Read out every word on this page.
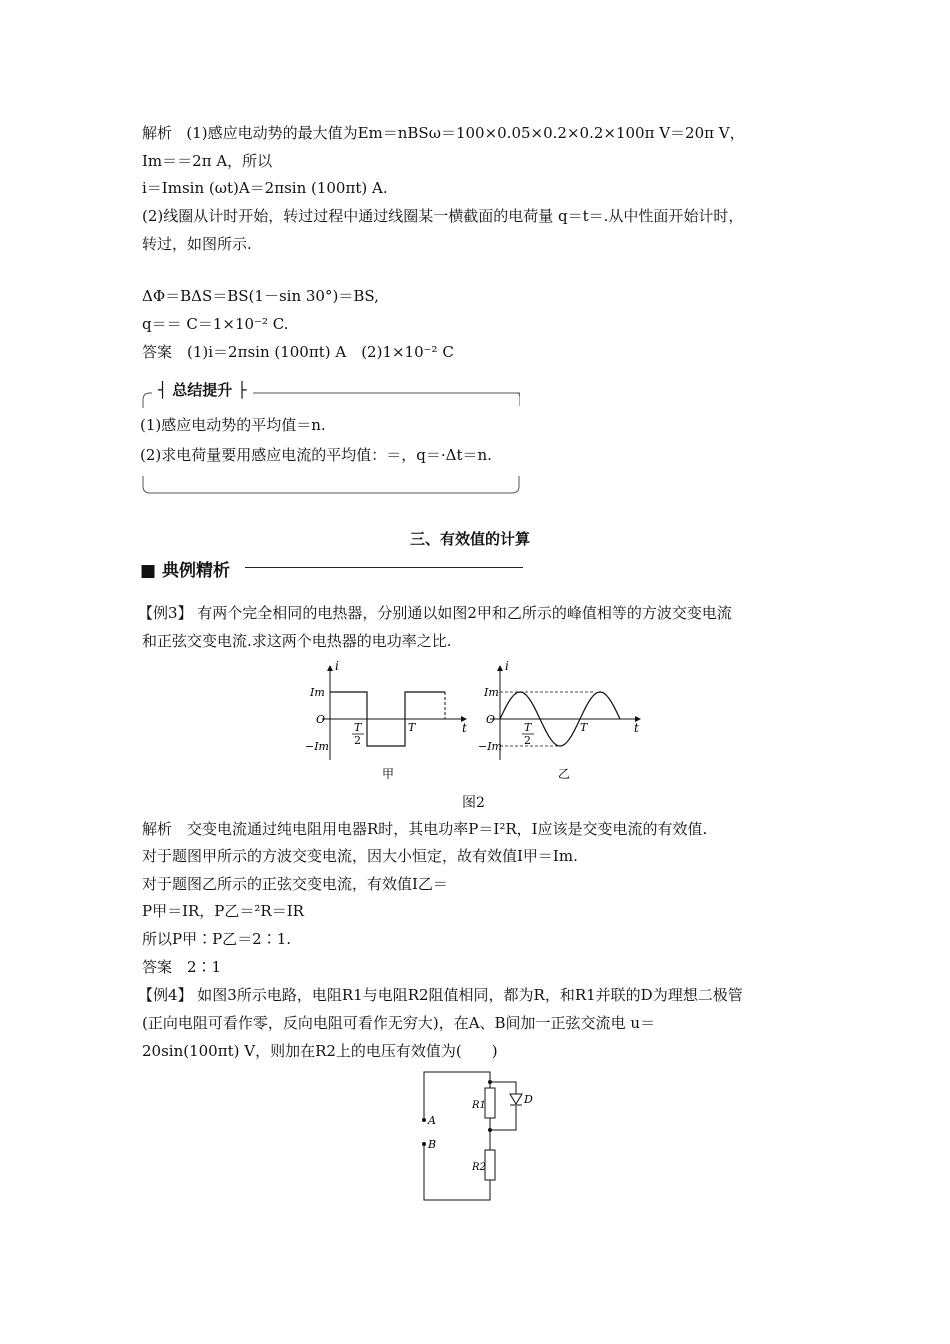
解析 (1)感应电动势的最大值为Em＝nBSω＝100×0.05×0.2×0.2×100π V＝20π V，
Im＝＝2π A，所以
i＝Imsin (ωt)A＝2πsin (100πt) A.
(2)线圈从计时开始，转过过程中通过线圈某一横截面的电荷量 q＝t＝.从中性面开始计时，
转过，如图所示.
ΔΦ＝BΔS＝BS(1－sin 30°)＝BS,
q＝＝ C＝1×10⁻² C.
答案　(1)i＝2πsin (100πt) A　(2)1×10⁻² C
┤ 总结提升 ├
(1)感应电动势的平均值＝n.
(2)求电荷量要用感应电流的平均值：＝，q＝·Δt＝n.
三、有效值的计算
■ 典例精析
【例3】 有两个完全相同的电热器，分别通以如图2甲和乙所示的峰值相等的方波交变电流
和正弦交变电流.求这两个电热器的电功率之比.
i
t
Im
O
−Im
T
2
T
i
t
Im
O
−Im
T
2
T
甲	乙
图2
解析　交变电流通过纯电阻用电器R时，其电功率P＝I²R，I应该是交变电流的有效值.
对于题图甲所示的方波交变电流，因大小恒定，故有效值I甲＝Im.
对于题图乙所示的正弦交变电流，有效值I乙＝
P甲＝IR，P乙＝²R＝IR
所以P甲∶P乙＝2∶1.
答案　2∶1
【例4】 如图3所示电路，电阻R1与电阻R2阻值相同，都为R，和R1并联的D为理想二极管
(正向电阻可看作零，反向电阻可看作无穷大)，在A、B间加一正弦交流电 u＝
20sin(100πt) V，则加在R2上的电压有效值为(　　)
A
B
R1
R2
D
